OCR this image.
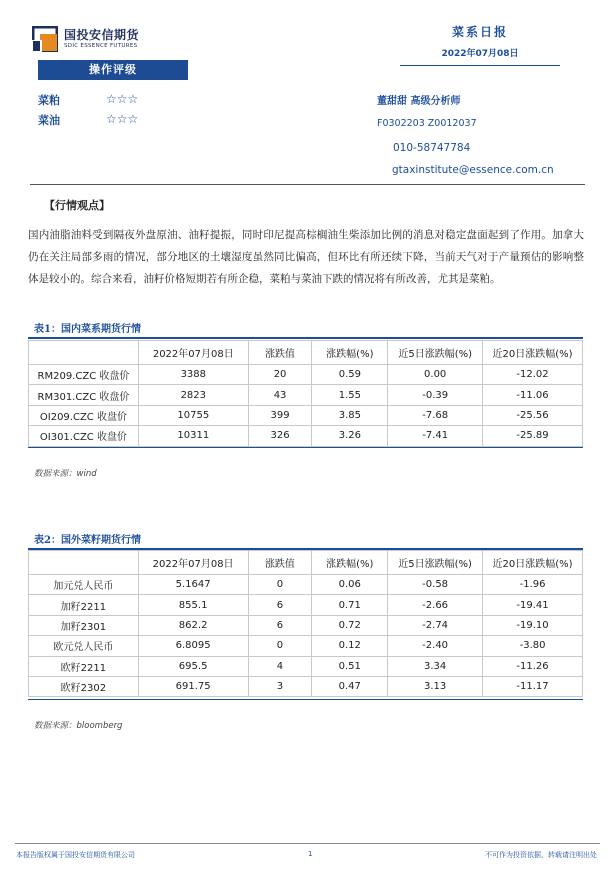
国投安信期货
SDIC ESSENCE FUTURES
菜系日报
2022年07月08日
操作评级
菜粕	☆☆☆
菜油	☆☆☆
董甜甜 高级分析师
F0302203 Z0012037
010-58747784
gtaxinstitute@essence.com.cn
【行情观点】
国内油脂油料受到隔夜外盘原油、油籽提振，同时印尼提高棕榈油生柴添加比例的消息对稳定盘面起到了作用。加拿大仍在关注局部多雨的情况，部分地区的土壤湿度虽然同比偏高，但环比有所还续下降，当前天气对于产量预估的影响整体是较小的。综合来看，油籽价格短期若有所企稳，菜粕与菜油下跌的情况将有所改善，尤其是菜粕。
表1：国内菜系期货行情
	2022年07月08日	涨跌值	涨跌幅(%)	近5日涨跌幅(%)	近20日涨跌幅(%)
RM209.CZC 收盘价	3388	20	0.59	0.00	-12.02
RM301.CZC 收盘价	2823	43	1.55	-0.39	-11.06
OI209.CZC 收盘价	10755	399	3.85	-7.68	-25.56
OI301.CZC 收盘价	10311	326	3.26	-7.41	-25.89
数据来源：wind
表2：国外菜籽期货行情
	2022年07月08日	涨跌值	涨跌幅(%)	近5日涨跌幅(%)	近20日涨跌幅(%)
加元兑人民币	5.1647	0	0.06	-0.58	-1.96
加籽2211	855.1	6	0.71	-2.66	-19.41
加籽2301	862.2	6	0.72	-2.74	-19.10
欧元兑人民币	6.8095	0	0.12	-2.40	-3.80
欧籽2211	695.5	4	0.51	3.34	-11.26
欧籽2302	691.75	3	0.47	3.13	-11.17
数据来源：bloomberg
本报告版权属于国投安信期货有限公司	1	不可作为投资依据，转载请注明出处
